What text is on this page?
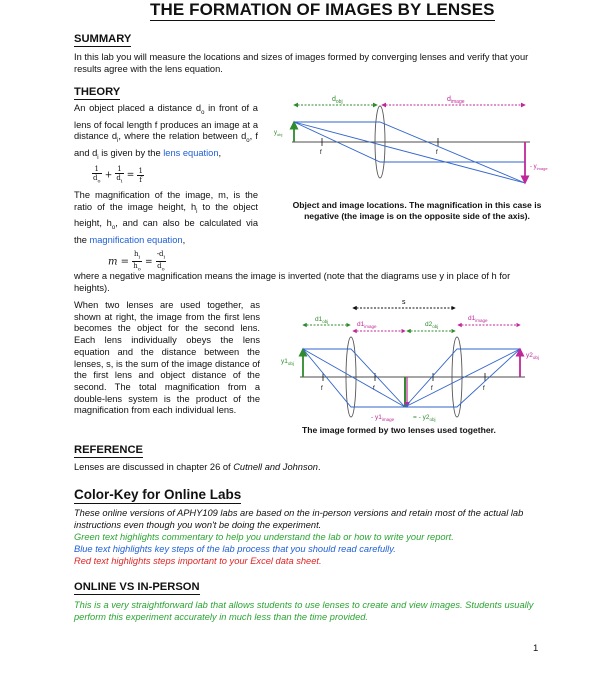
THE FORMATION OF IMAGES BY LENSES
SUMMARY

In this lab you will measure the locations and sizes of images formed by converging lenses and verify that your results agree with the lens equation.

THEORY

An object placed a distance $d_o$ in front of a lens of focal length f produces an image at a distance $d_i$, where the relation between $d_o$, f and $d_i$ is given by the lens equation,

$\frac{1}{d_o} + \frac{1}{d_i} = \frac{1}{f}$

The magnification of the image, m, is the ratio of the image height, $h_i$ to the object height, $h_o$, and can also be calculated via the magnification equation,

$m = \frac{h_i}{h_o} = \frac{-d_i}{d_o}$

where a negative magnification means the image is inverted (note that the diagrams use y in place of h for heights).

When two lenses are used together, as shown at right, the image from the first lens becomes the object for the second lens. Each lens individually obeys the lens equation and the distance between the lenses, s, is the sum of the image distance of the first lens and object distance of the second. The total magnification from a double-lens system is the product of the magnification from each individual lens.

$d_{obj}$	$d_{image}$
$y_{obj}$
f	f
- $y_{image}$

Object and image locations. The magnification in this case is negative (the image is on the opposite side of the axis).

s
$d1_{obj}$	$d1_{image}$	$d2_{obj}$
$d1_{image}$
f	f	f
$y1_{obj}$
$y2_{obj}$
- $y1_{image}$	= - $y2_{obj}$

The image formed by two lenses used together.

REFERENCE

Lenses are discussed in chapter 26 of Cutnell and Johnson.

Color-Key for Online Labs

These online versions of APHY109 labs are based on the in-person versions and retain most of the actual lab instructions even though you won't be doing the experiment.

Green text highlights commentary to help you understand the lab or how to write your report.

Blue text highlights key steps of the lab process that you should read carefully.

Red text highlights steps important to your Excel data sheet.

ONLINE VS IN-PERSON

This is a very straightforward lab that allows students to use lenses to create and view images. Students usually perform this experiment accurately in much less than the time provided.

1
